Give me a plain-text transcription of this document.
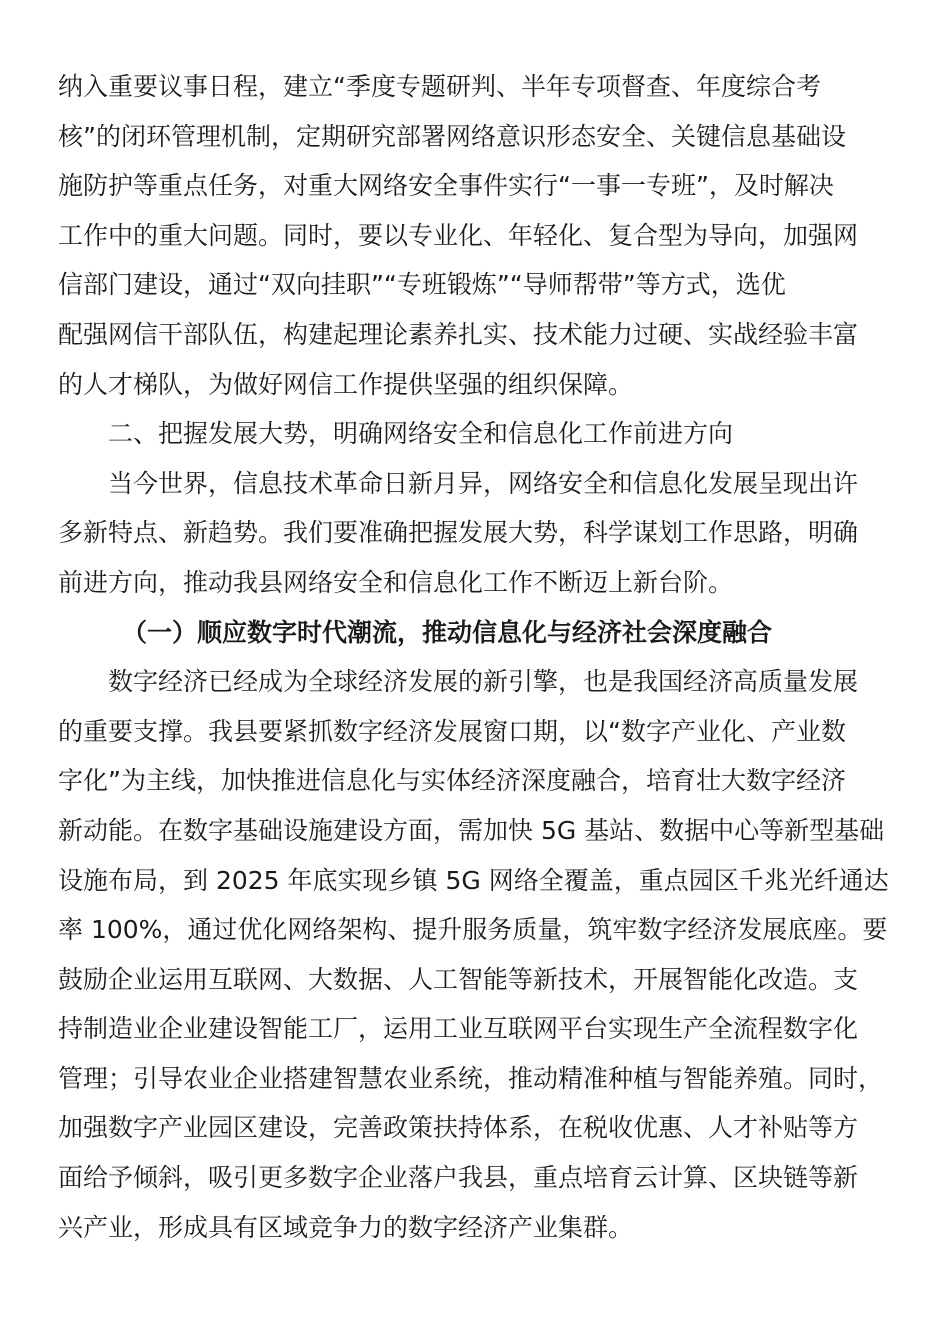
纳入重要议事日程，建立“季度专题研判、半年专项督查、年度综合考
核”的闭环管理机制，定期研究部署网络意识形态安全、关键信息基础设
施防护等重点任务，对重大网络安全事件实行“一事一专班”，及时解决
工作中的重大问题。同时，要以专业化、年轻化、复合型为导向，加强网
信部门建设，通过“双向挂职”“专班锻炼”“导师帮带”等方式，选优
配强网信干部队伍，构建起理论素养扎实、技术能力过硬、实战经验丰富
的人才梯队，为做好网信工作提供坚强的组织保障。
二、把握发展大势，明确网络安全和信息化工作前进方向
当今世界，信息技术革命日新月异，网络安全和信息化发展呈现出许
多新特点、新趋势。我们要准确把握发展大势，科学谋划工作思路，明确
前进方向，推动我县网络安全和信息化工作不断迈上新台阶。
（一）顺应数字时代潮流，推动信息化与经济社会深度融合
数字经济已经成为全球经济发展的新引擎，也是我国经济高质量发展
的重要支撑。我县要紧抓数字经济发展窗口期，以“数字产业化、产业数
字化”为主线，加快推进信息化与实体经济深度融合，培育壮大数字经济
新动能。在数字基础设施建设方面，需加快 5G 基站、数据中心等新型基础
设施布局，到 2025 年底实现乡镇 5G 网络全覆盖，重点园区千兆光纤通达
率 100%，通过优化网络架构、提升服务质量，筑牢数字经济发展底座。要
鼓励企业运用互联网、大数据、人工智能等新技术，开展智能化改造。支
持制造业企业建设智能工厂，运用工业互联网平台实现生产全流程数字化
管理；引导农业企业搭建智慧农业系统，推动精准种植与智能养殖。同时，
加强数字产业园区建设，完善政策扶持体系，在税收优惠、人才补贴等方
面给予倾斜，吸引更多数字企业落户我县，重点培育云计算、区块链等新
兴产业，形成具有区域竞争力的数字经济产业集群。
